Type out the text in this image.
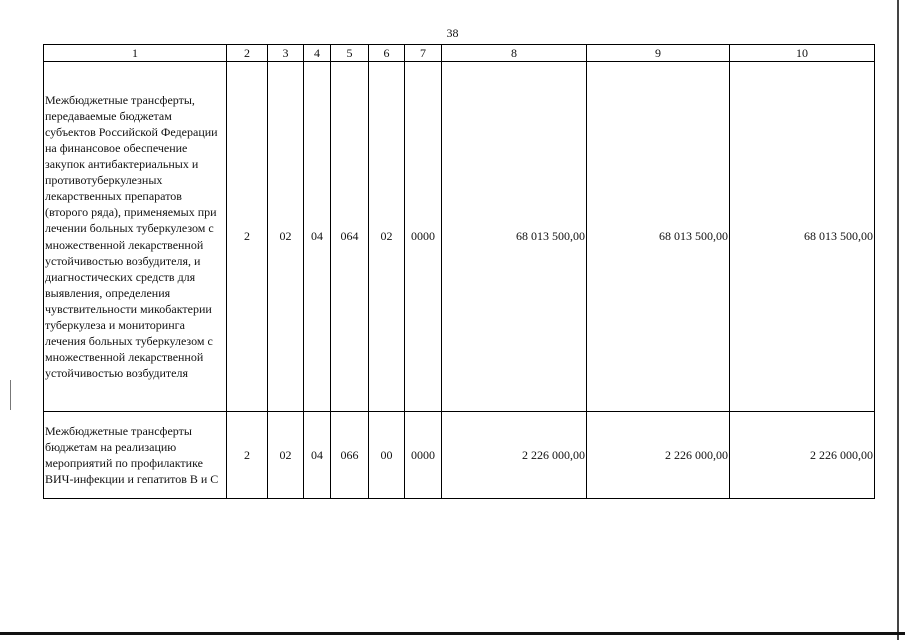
38
1	2	3	4	5	6	7	8	9	10
Межбюджетные трансферты, передаваемые бюджетам субъектов Российской Федерации на финансовое обеспечение закупок антибактериальных и противотуберкулезных лекарственных препаратов (второго ряда), применяемых при лечении больных туберкулезом с множественной лекарственной устойчивостью возбудителя, и диагностических средств для выявления, определения чувствительности микобактерии туберкулеза и мониторинга лечения больных туберкулезом с множественной лекарственной устойчивостью возбудителя	2	02	04	064	02	0000	68 013 500,00	68 013 500,00	68 013 500,00
Межбюджетные трансферты бюджетам на реализацию мероприятий по профилактике ВИЧ-инфекции и гепатитов В и С	2	02	04	066	00	0000	2 226 000,00	2 226 000,00	2 226 000,00
